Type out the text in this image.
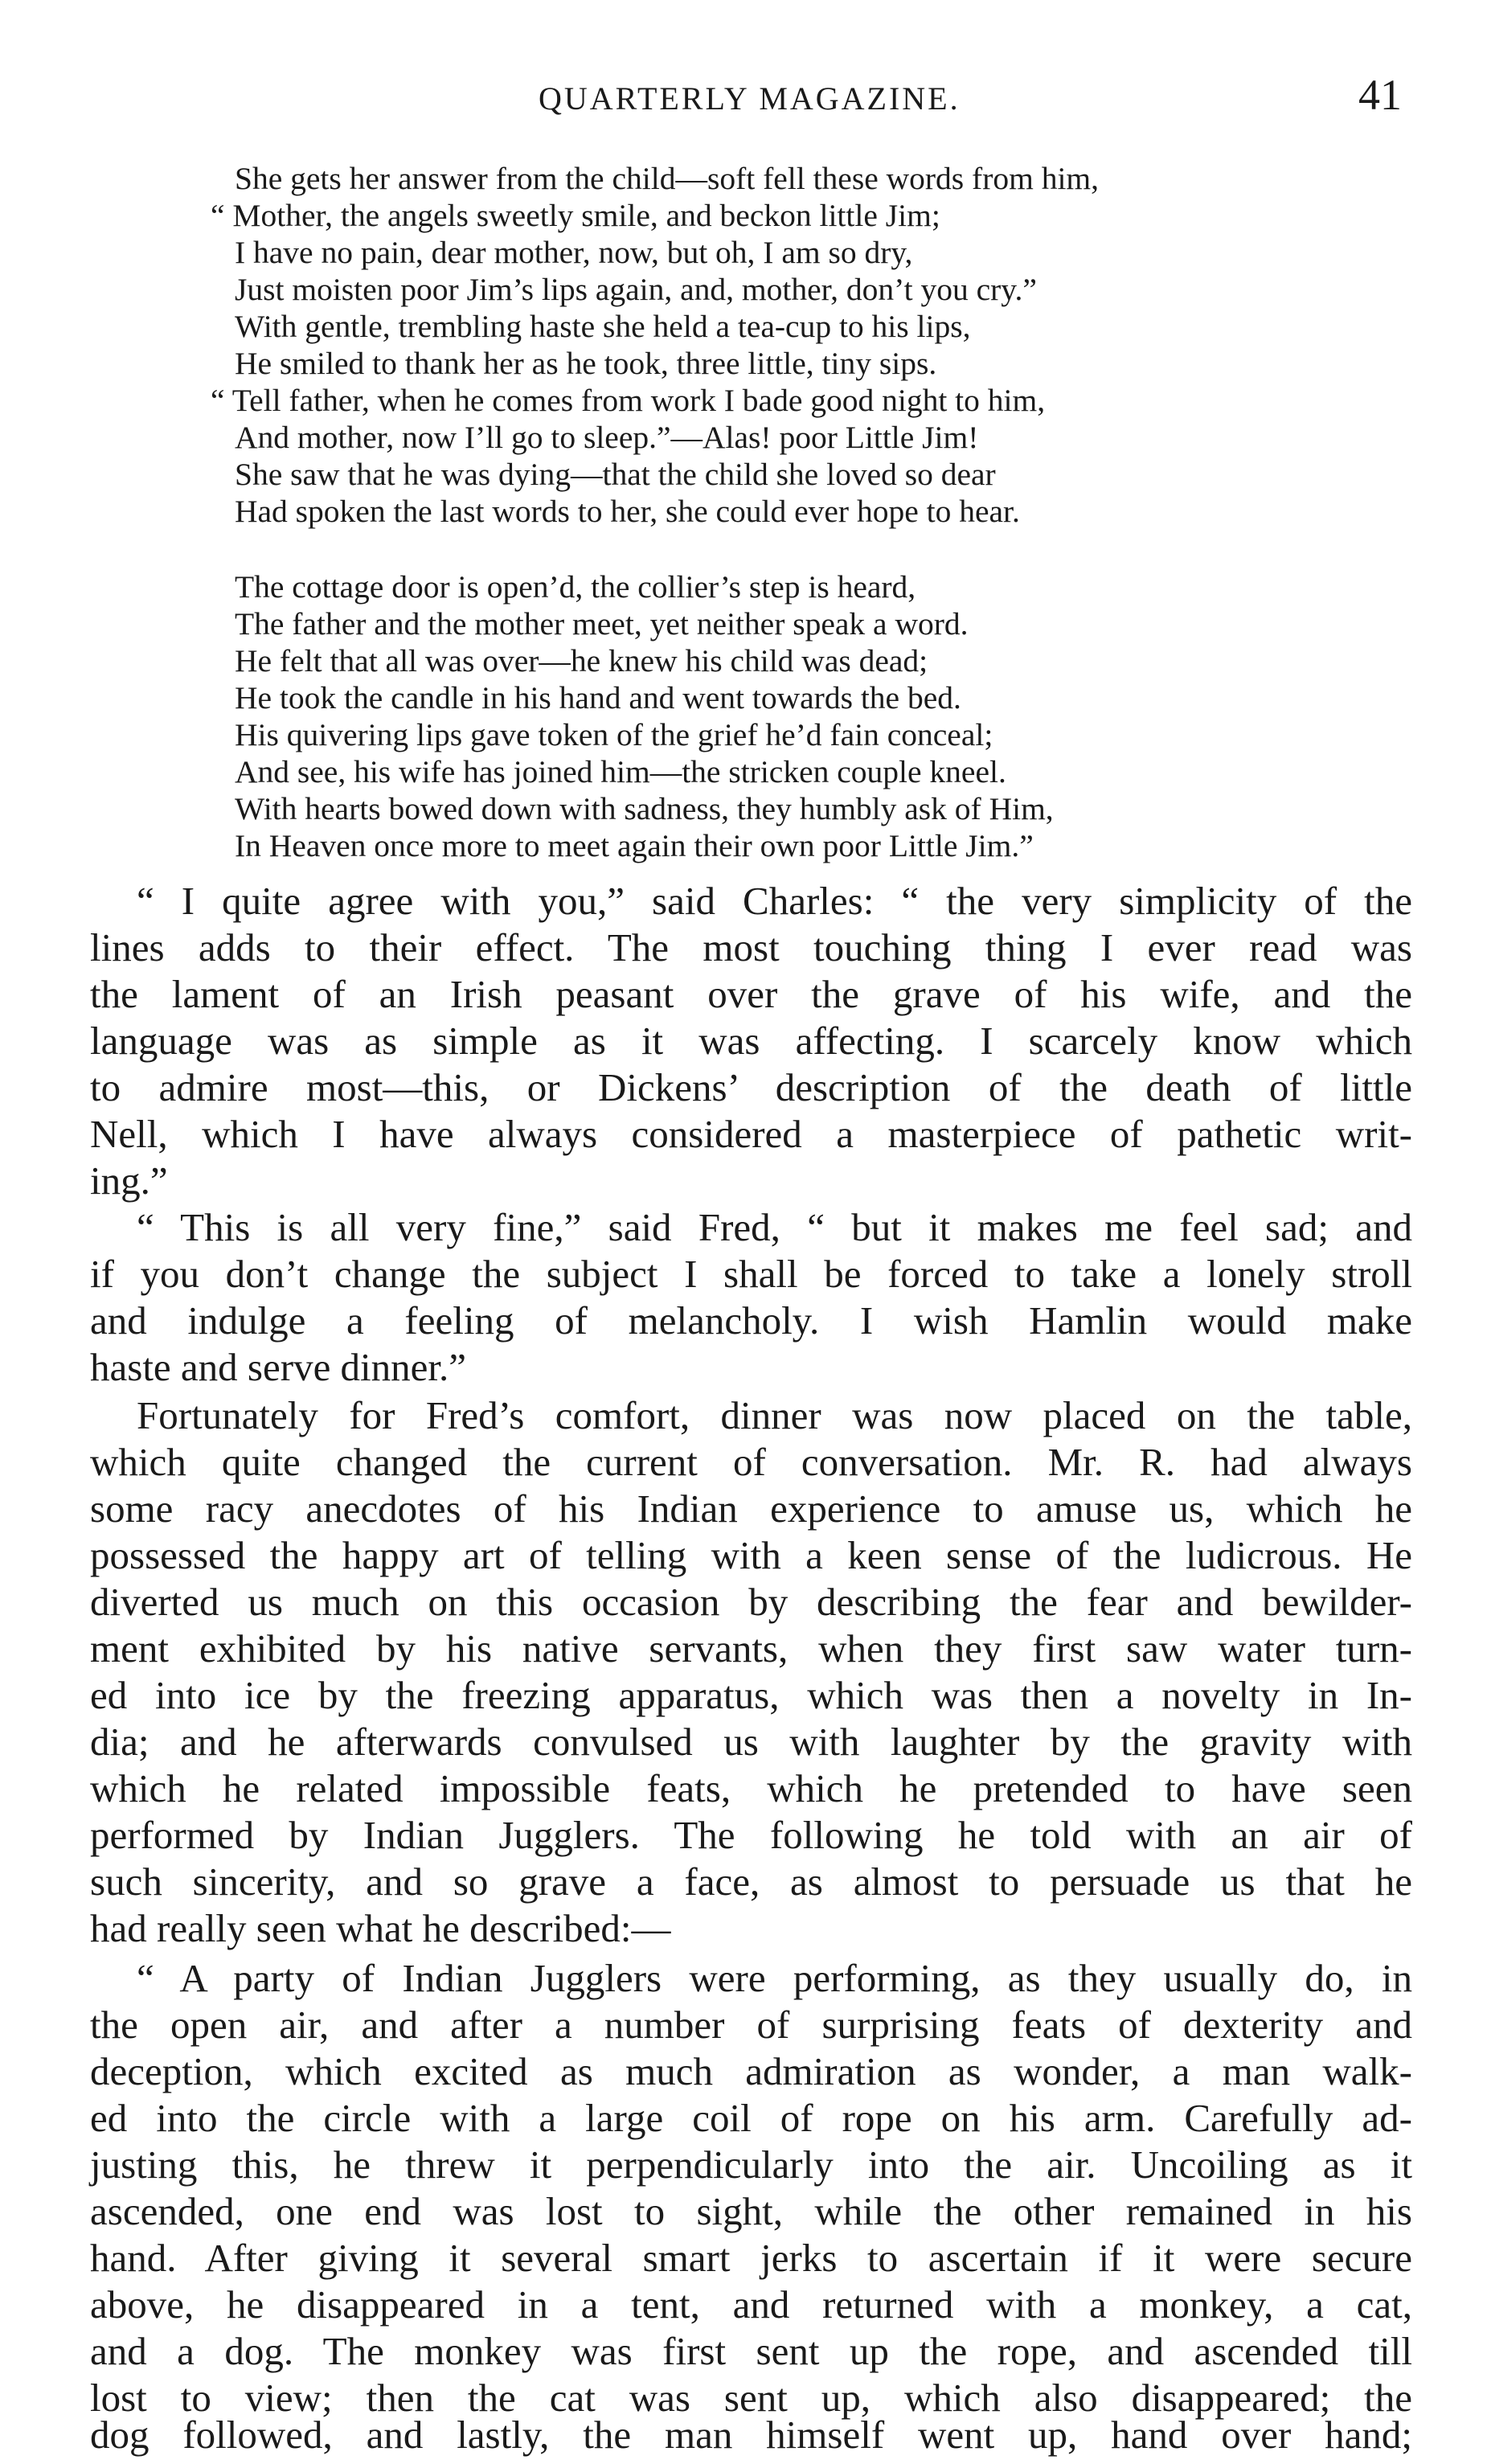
QUARTERLY MAGAZINE.	41
She gets her answer from the child—soft fell these words from him,
“ Mother, the angels sweetly smile, and beckon little Jim;
I have no pain, dear mother, now, but oh, I am so dry,
Just moisten poor Jim’s lips again, and, mother, don’t you cry.”
With gentle, trembling haste she held a tea-cup to his lips,
He smiled to thank her as he took, three little, tiny sips.
“ Tell father, when he comes from work I bade good night to him,
And mother, now I’ll go to sleep.”—Alas! poor Little Jim!
She saw that he was dying—that the child she loved so dear
Had spoken the last words to her, she could ever hope to hear.
The cottage door is open’d, the collier’s step is heard,
The father and the mother meet, yet neither speak a word.
He felt that all was over—he knew his child was dead;
He took the candle in his hand and went towards the bed.
His quivering lips gave token of the grief he’d fain conceal;
And see, his wife has joined him—the stricken couple kneel.
With hearts bowed down with sadness, they humbly ask of Him,
In Heaven once more to meet again their own poor Little Jim.”
“ I quite agree with you,” said Charles: “ the very simplicity of the
lines adds to their effect. The most touching thing I ever read was
the lament of an Irish peasant over the grave of his wife, and the
language was as simple as it was affecting. I scarcely know which
to admire most—this, or Dickens’ description of the death of little
Nell, which I have always considered a masterpiece of pathetic writ-
ing.”
“ This is all very fine,” said Fred, “ but it makes me feel sad; and
if you don’t change the subject I shall be forced to take a lonely stroll
and indulge a feeling of melancholy. I wish Hamlin would make
haste and serve dinner.”
Fortunately for Fred’s comfort, dinner was now placed on the table,
which quite changed the current of conversation. Mr. R. had always
some racy anecdotes of his Indian experience to amuse us, which he
possessed the happy art of telling with a keen sense of the ludicrous. He
diverted us much on this occasion by describing the fear and bewilder-
ment exhibited by his native servants, when they first saw water turn-
ed into ice by the freezing apparatus, which was then a novelty in In-
dia; and he afterwards convulsed us with laughter by the gravity with
which he related impossible feats, which he pretended to have seen
performed by Indian Jugglers. The following he told with an air of
such sincerity, and so grave a face, as almost to persuade us that he
had really seen what he described:—
“ A party of Indian Jugglers were performing, as they usually do, in
the open air, and after a number of surprising feats of dexterity and
deception, which excited as much admiration as wonder, a man walk-
ed into the circle with a large coil of rope on his arm. Carefully ad-
justing this, he threw it perpendicularly into the air. Uncoiling as it
ascended, one end was lost to sight, while the other remained in his
hand. After giving it several smart jerks to ascertain if it were secure
above, he disappeared in a tent, and returned with a monkey, a cat,
and a dog. The monkey was first sent up the rope, and ascended till
lost to view; then the cat was sent up, which also disappeared; the
dog followed, and lastly, the man himself went up, hand over hand;
